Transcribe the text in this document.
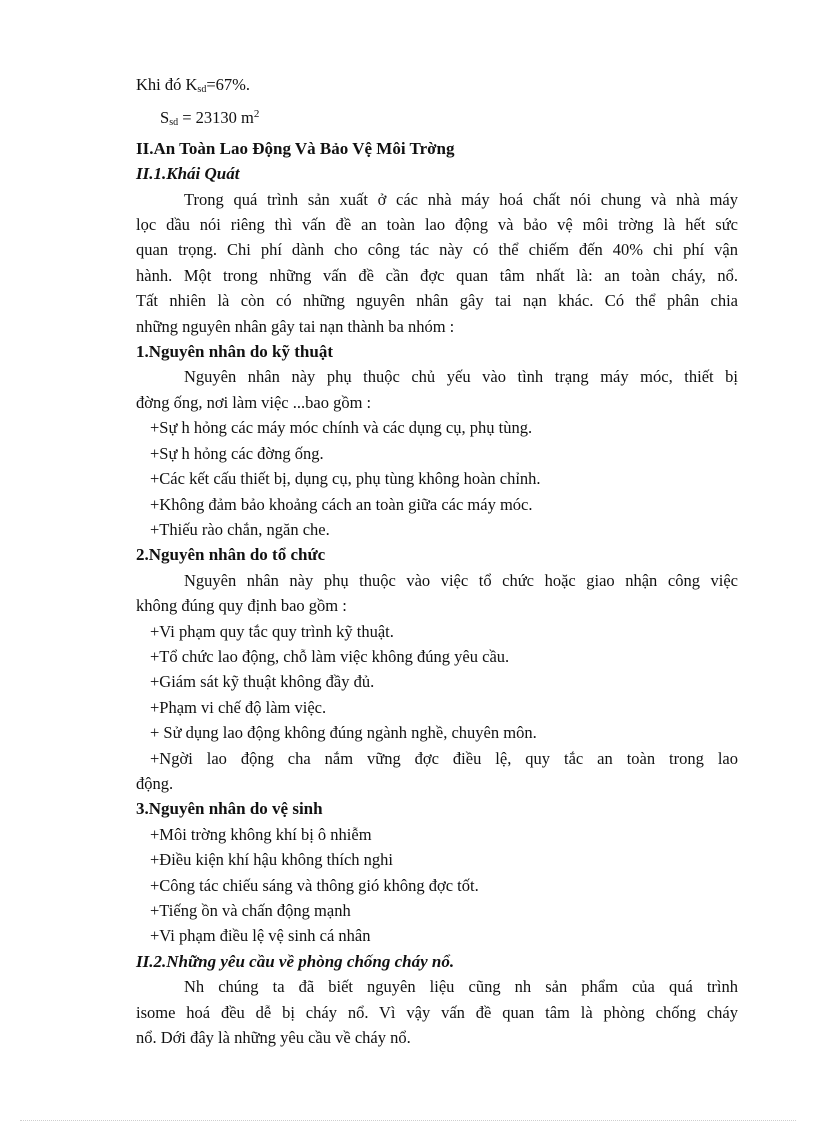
Khi đó $K_{sd}=67\%$.
$S_{sd} = 23130$ $m^2$
II.An Toàn Lao Động Và Bảo Vệ Môi Trờng
II.1.Khái Quát
Trong quá trình sản xuất ở các nhà máy hoá chất nói chung và nhà máy
lọc dầu nói riêng thì vấn đề an toàn lao động và bảo vệ môi trờng là hết sức
quan trọng. Chi phí dành cho công tác này có thể chiếm đến 40% chi phí vận
hành. Một trong những vấn đề cần đợc quan tâm nhất là: an toàn cháy, nổ.
Tất nhiên là còn có những nguyên nhân gây tai nạn khác. Có thể phân chia
những nguyên nhân gây tai nạn thành ba nhóm :
1.Nguyên nhân do kỹ thuật
Nguyên nhân này phụ thuộc chủ yếu vào tình trạng máy móc, thiết bị
đờng ống, nơi làm việc ...bao gồm :
+Sự h hỏng các máy móc chính và các dụng cụ, phụ tùng.
+Sự h hỏng các đờng ống.
+Các kết cấu thiết bị, dụng cụ, phụ tùng không hoàn chỉnh.
+Không đảm bảo khoảng cách an toàn giữa các máy móc.
+Thiếu rào chắn, ngăn che.
2.Nguyên nhân do tổ chức
Nguyên nhân này phụ thuộc vào việc tổ chức hoặc giao nhận công việc
không đúng quy định bao gồm :
+Vi phạm quy tắc quy trình kỹ thuật.
+Tổ chức lao động, chỗ làm việc không đúng yêu cầu.
+Giám sát kỹ thuật không đầy đủ.
+Phạm vi chế độ làm việc.
+ Sử dụng lao động không đúng ngành nghề, chuyên môn.
+Ngời lao động cha nắm vững đợc điều lệ, quy tắc an toàn trong lao
động.
3.Nguyên nhân do vệ sinh
+Môi trờng không khí bị ô nhiễm
+Điều kiện khí hậu không thích nghi
+Công tác chiếu sáng và thông gió không đợc tốt.
+Tiếng ồn và chấn động mạnh
+Vi phạm điều lệ vệ sinh cá nhân
II.2.Những yêu cầu về phòng chống cháy nổ.
Nh chúng ta đã biết nguyên liệu cũng nh sản phẩm của quá trình
isome hoá đều dễ bị cháy nổ. Vì vậy vấn đề quan tâm là phòng chống cháy
nổ. Dới đây là những yêu cầu về cháy nổ.
